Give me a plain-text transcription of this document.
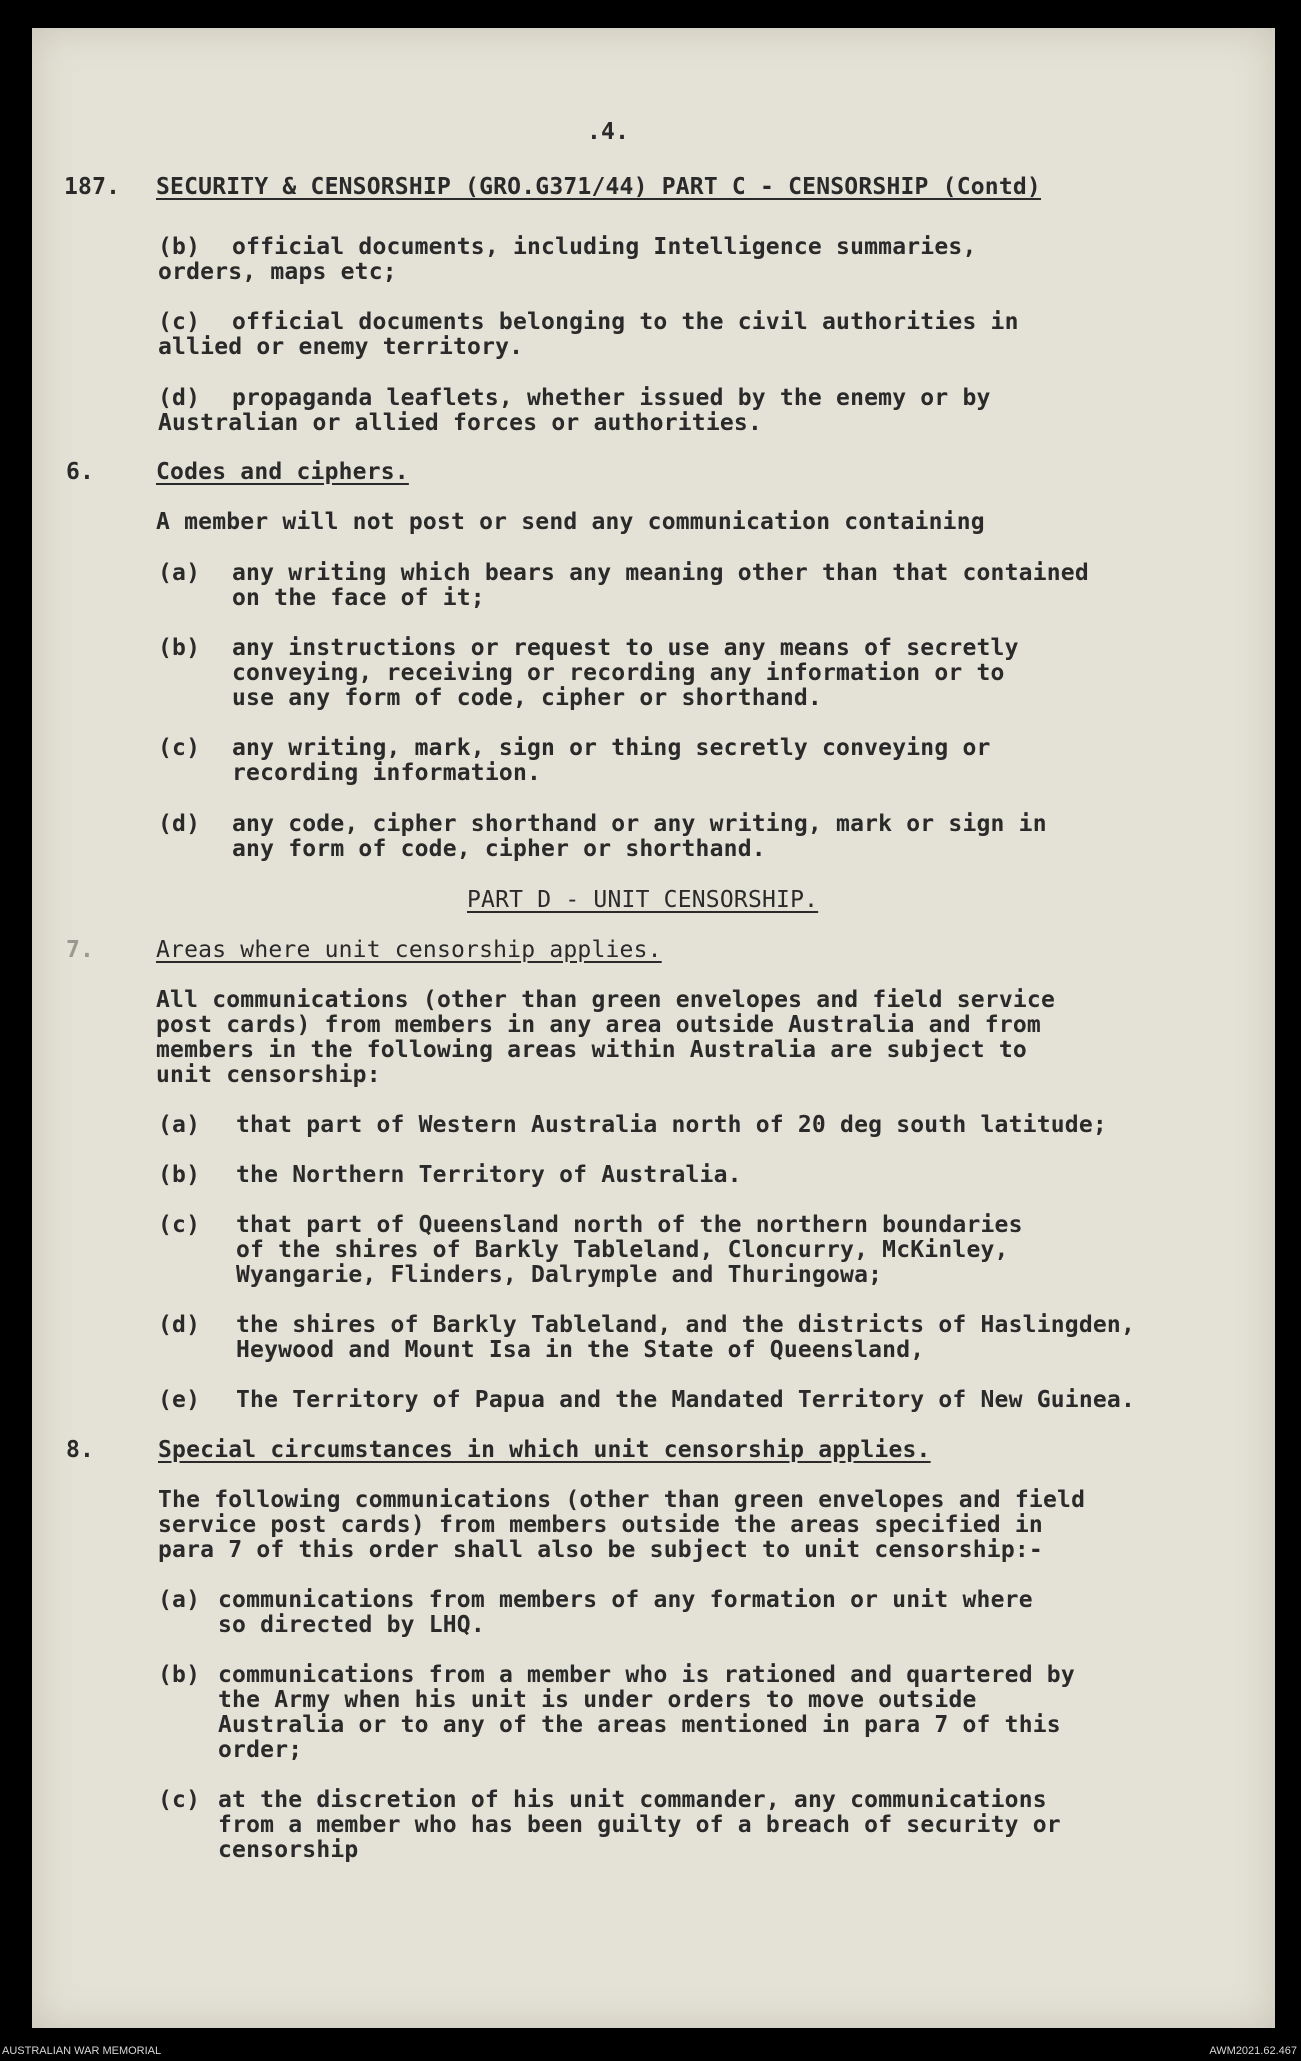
.4.
187. SECURITY & CENSORSHIP (GRO.G371/44) PART C - CENSORSHIP (Contd)
(b) official documents, including Intelligence summaries,
orders, maps etc;
(c) official documents belonging to the civil authorities in
allied or enemy territory.
(d) propaganda leaflets, whether issued by the enemy or by
Australian or allied forces or authorities.
6.	Codes and ciphers.
A member will not post or send any communication containing
(a) any writing which bears any meaning other than that contained
on the face of it;
(b) any instructions or request to use any means of secretly
conveying, receiving or recording any information or to
use any form of code, cipher or shorthand.
(c) any writing, mark, sign or thing secretly conveying or
recording information.
(d) any code, cipher shorthand or any writing, mark or sign in
any form of code, cipher or shorthand.
PART D - UNIT CENSORSHIP.
7.	Areas where unit censorship applies.
All communications (other than green envelopes and field service
post cards) from members in any area outside Australia and from
members in the following areas within Australia are subject to
unit censorship:
(a) that part of Western Australia north of 20 deg south latitude;
(b) the Northern Territory of Australia.
(c) that part of Queensland north of the northern boundaries
of the shires of Barkly Tableland, Cloncurry, McKinley,
Wyangarie, Flinders, Dalrymple and Thuringowa;
(d) the shires of Barkly Tableland, and the districts of Haslingden,
Heywood and Mount Isa in the State of Queensland,
(e) The Territory of Papua and the Mandated Territory of New Guinea.
8.	Special circumstances in which unit censorship applies.
The following communications (other than green envelopes and field
service post cards) from members outside the areas specified in
para 7 of this order shall also be subject to unit censorship:-
(a) communications from members of any formation or unit where
so directed by LHQ.
(b) communications from a member who is rationed and quartered by
the Army when his unit is under orders to move outside
Australia or to any of the areas mentioned in para 7 of this
order;
(c) at the discretion of his unit commander, any communications
from a member who has been guilty of a breach of security or
censorship
AUSTRALIAN WAR MEMORIAL	AWM2021.62.467
